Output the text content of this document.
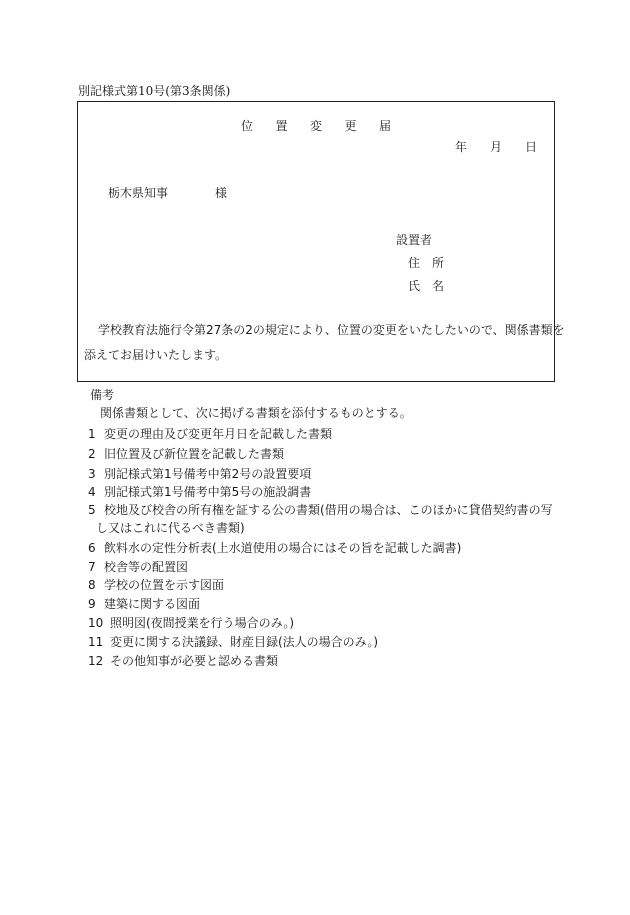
別記様式第10号(第3条関係)
位 置 変 更 届
年 月 日
栃木県知事	様
設置者
住 所
氏 名
学校教育法施行令第27条の2の規定により、位置の変更をいたしたいので、関係書類を
添えてお届けいたします。
備考
関係書類として、次に掲げる書類を添付するものとする。
1 変更の理由及び変更年月日を記載した書類
2 旧位置及び新位置を記載した書類
3 別記様式第1号備考中第2号の設置要項
4 別記様式第1号備考中第5号の施設調書
5 校地及び校舎の所有権を証する公の書類(借用の場合は、このほかに貸借契約書の写
し又はこれに代るべき書類)
6 飲料水の定性分析表(上水道使用の場合にはその旨を記載した調書)
7 校舎等の配置図
8 学校の位置を示す図面
9 建築に関する図面
10 照明図(夜間授業を行う場合のみ。)
11 変更に関する決議録、財産目録(法人の場合のみ。)
12 その他知事が必要と認める書類
